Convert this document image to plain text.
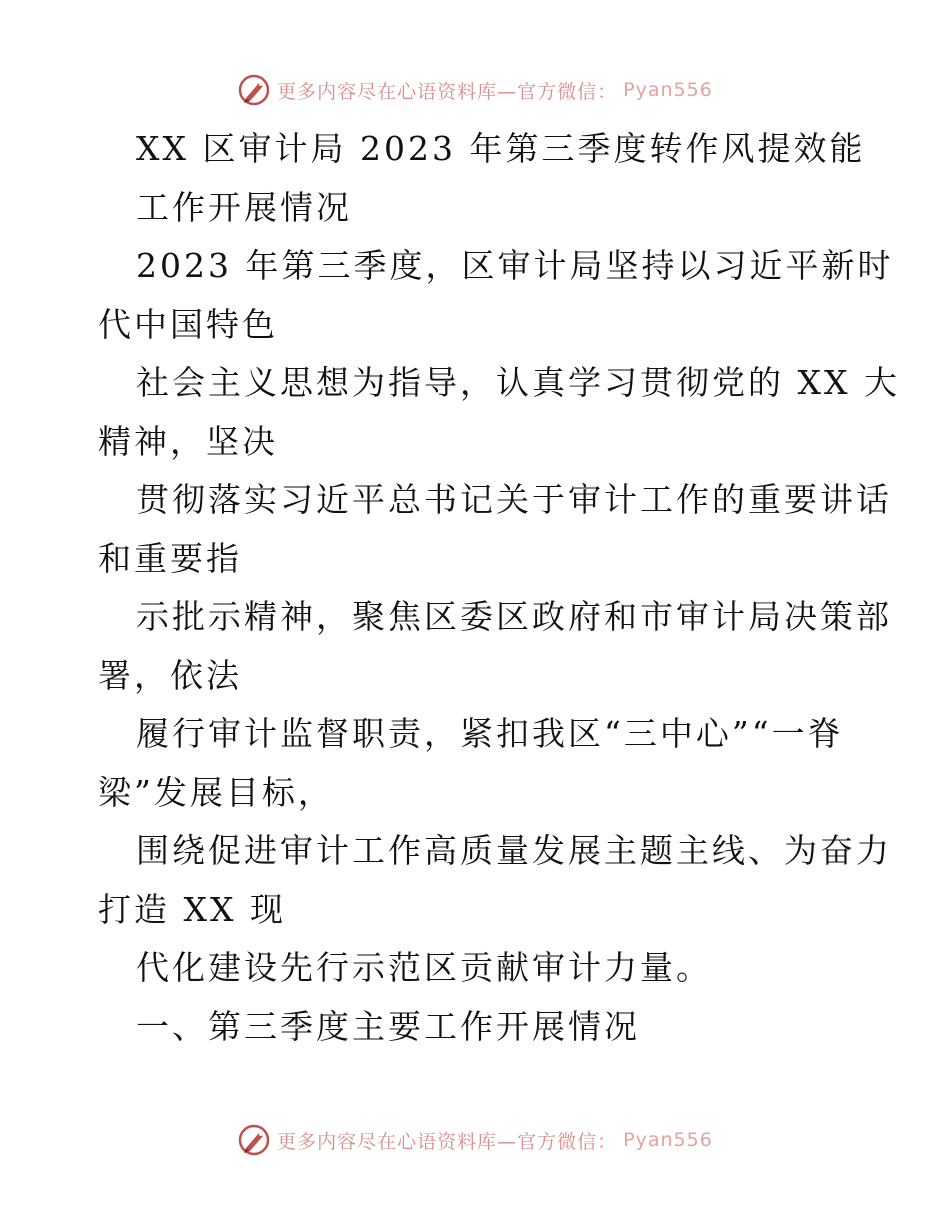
更多内容尽在心语资料库—官方微信： Pyan556
XX 区审计局 2023 年第三季度转作风提效能
工作开展情况
2023 年第三季度，区审计局坚持以习近平新时
代中国特色
社会主义思想为指导，认真学习贯彻党的 XX 大
精神，坚决
贯彻落实习近平总书记关于审计工作的重要讲话
和重要指
示批示精神，聚焦区委区政府和市审计局决策部
署，依法
履行审计监督职责，紧扣我区“三中心”“一脊
梁”发展目标，
围绕促进审计工作高质量发展主题主线、为奋力
打造 XX 现
代化建设先行示范区贡献审计力量。
一、第三季度主要工作开展情况
更多内容尽在心语资料库—官方微信： Pyan556
